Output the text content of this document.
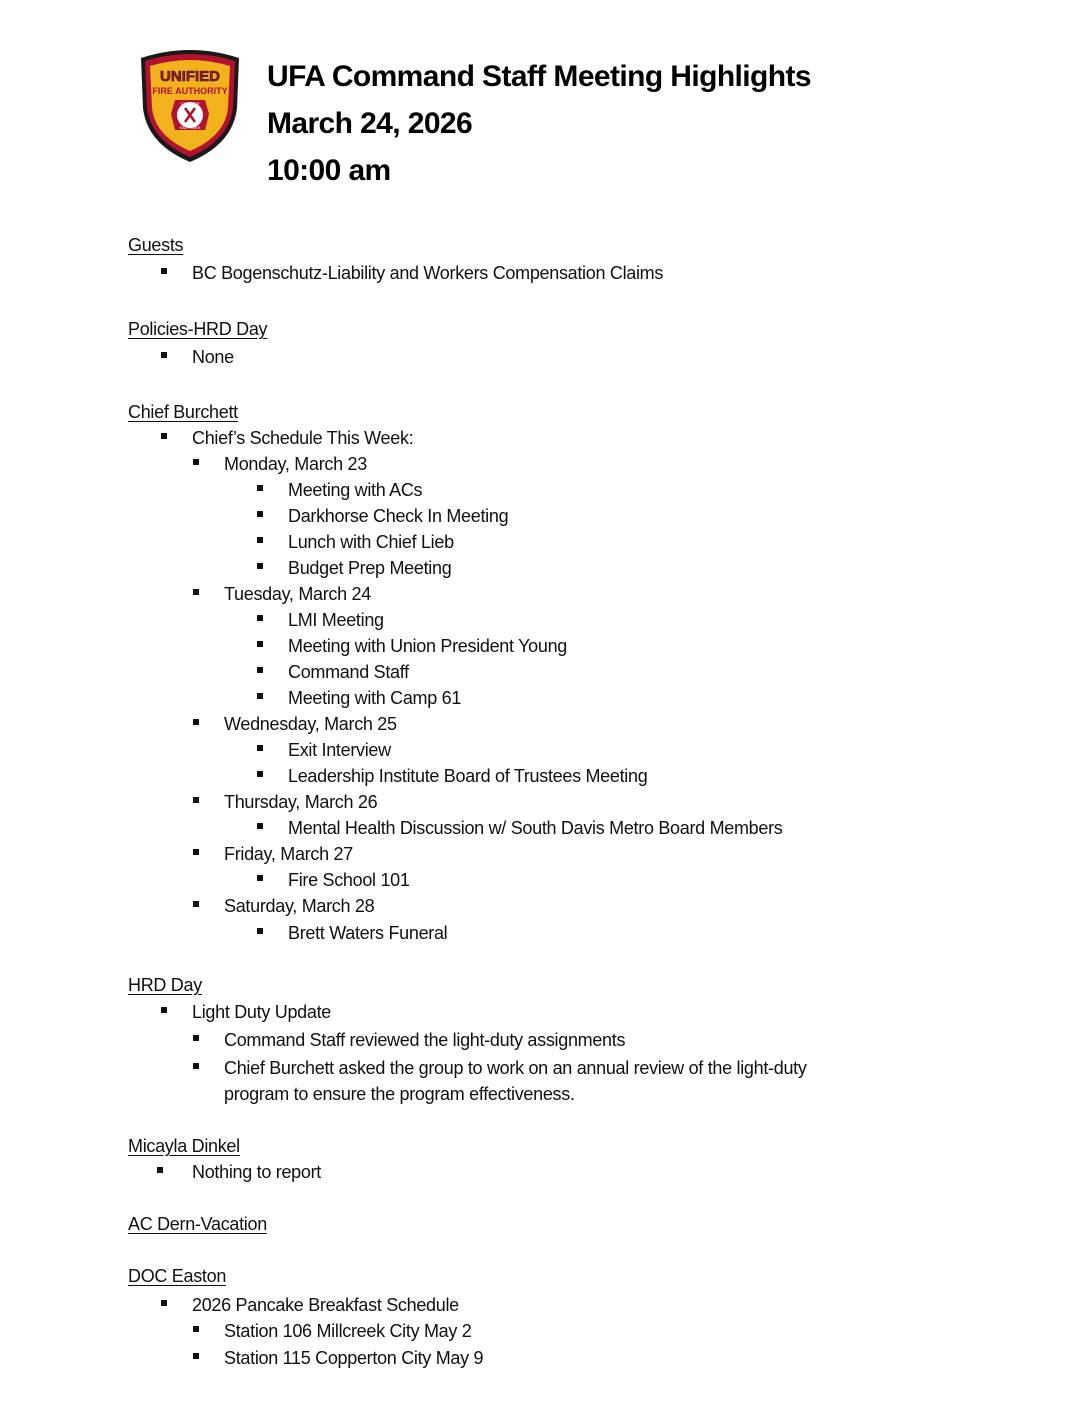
UNIFIED
FIRE AUTHORITY
GREATER
SALT LAKE
UFA Command Staff Meeting Highlights
March 24, 2026
10:00 am
Guests
BC Bogenschutz-Liability and Workers Compensation Claims
Policies-HRD Day
None
Chief Burchett
Chief’s Schedule This Week:
Monday, March 23
Meeting with ACs
Darkhorse Check In Meeting
Lunch with Chief Lieb
Budget Prep Meeting
Tuesday, March 24
LMI Meeting
Meeting with Union President Young
Command Staff
Meeting with Camp 61
Wednesday, March 25
Exit Interview
Leadership Institute Board of Trustees Meeting
Thursday, March 26
Mental Health Discussion w/ South Davis Metro Board Members
Friday, March 27
Fire School 101
Saturday, March 28
Brett Waters Funeral
HRD Day
Light Duty Update
Command Staff reviewed the light-duty assignments
Chief Burchett asked the group to work on an annual review of the light-duty
program to ensure the program effectiveness.
Micayla Dinkel
Nothing to report
AC Dern-Vacation
DOC Easton
2026 Pancake Breakfast Schedule
Station 106 Millcreek City May 2
Station 115 Copperton City May 9
